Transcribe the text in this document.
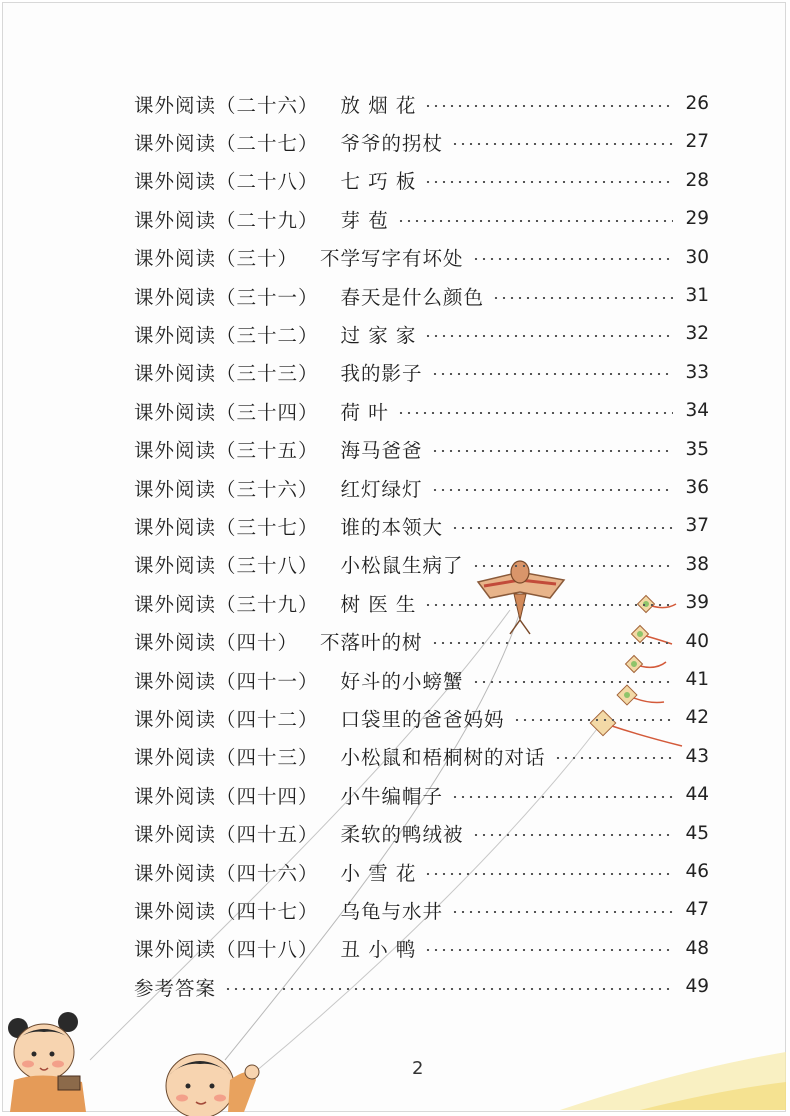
课外阅读（二十六） 放 烟 花	26
课外阅读（二十七） 爷爷的拐杖	27
课外阅读（二十八） 七 巧 板	28
课外阅读（二十九） 芽 苞	29
课外阅读（三十） 不学写字有坏处	30
课外阅读（三十一） 春天是什么颜色	31
课外阅读（三十二） 过 家 家	32
课外阅读（三十三） 我的影子	33
课外阅读（三十四） 荷 叶	34
课外阅读（三十五） 海马爸爸	35
课外阅读（三十六） 红灯绿灯	36
课外阅读（三十七） 谁的本领大	37
课外阅读（三十八） 小松鼠生病了	38
课外阅读（三十九） 树 医 生	39
课外阅读（四十） 不落叶的树	40
课外阅读（四十一） 好斗的小螃蟹	41
课外阅读（四十二） 口袋里的爸爸妈妈	42
课外阅读（四十三） 小松鼠和梧桐树的对话	43
课外阅读（四十四） 小牛编帽子	44
课外阅读（四十五） 柔软的鸭绒被	45
课外阅读（四十六） 小 雪 花	46
课外阅读（四十七） 乌龟与水井	47
课外阅读（四十八） 丑 小 鸭	48
参考答案	49
2
